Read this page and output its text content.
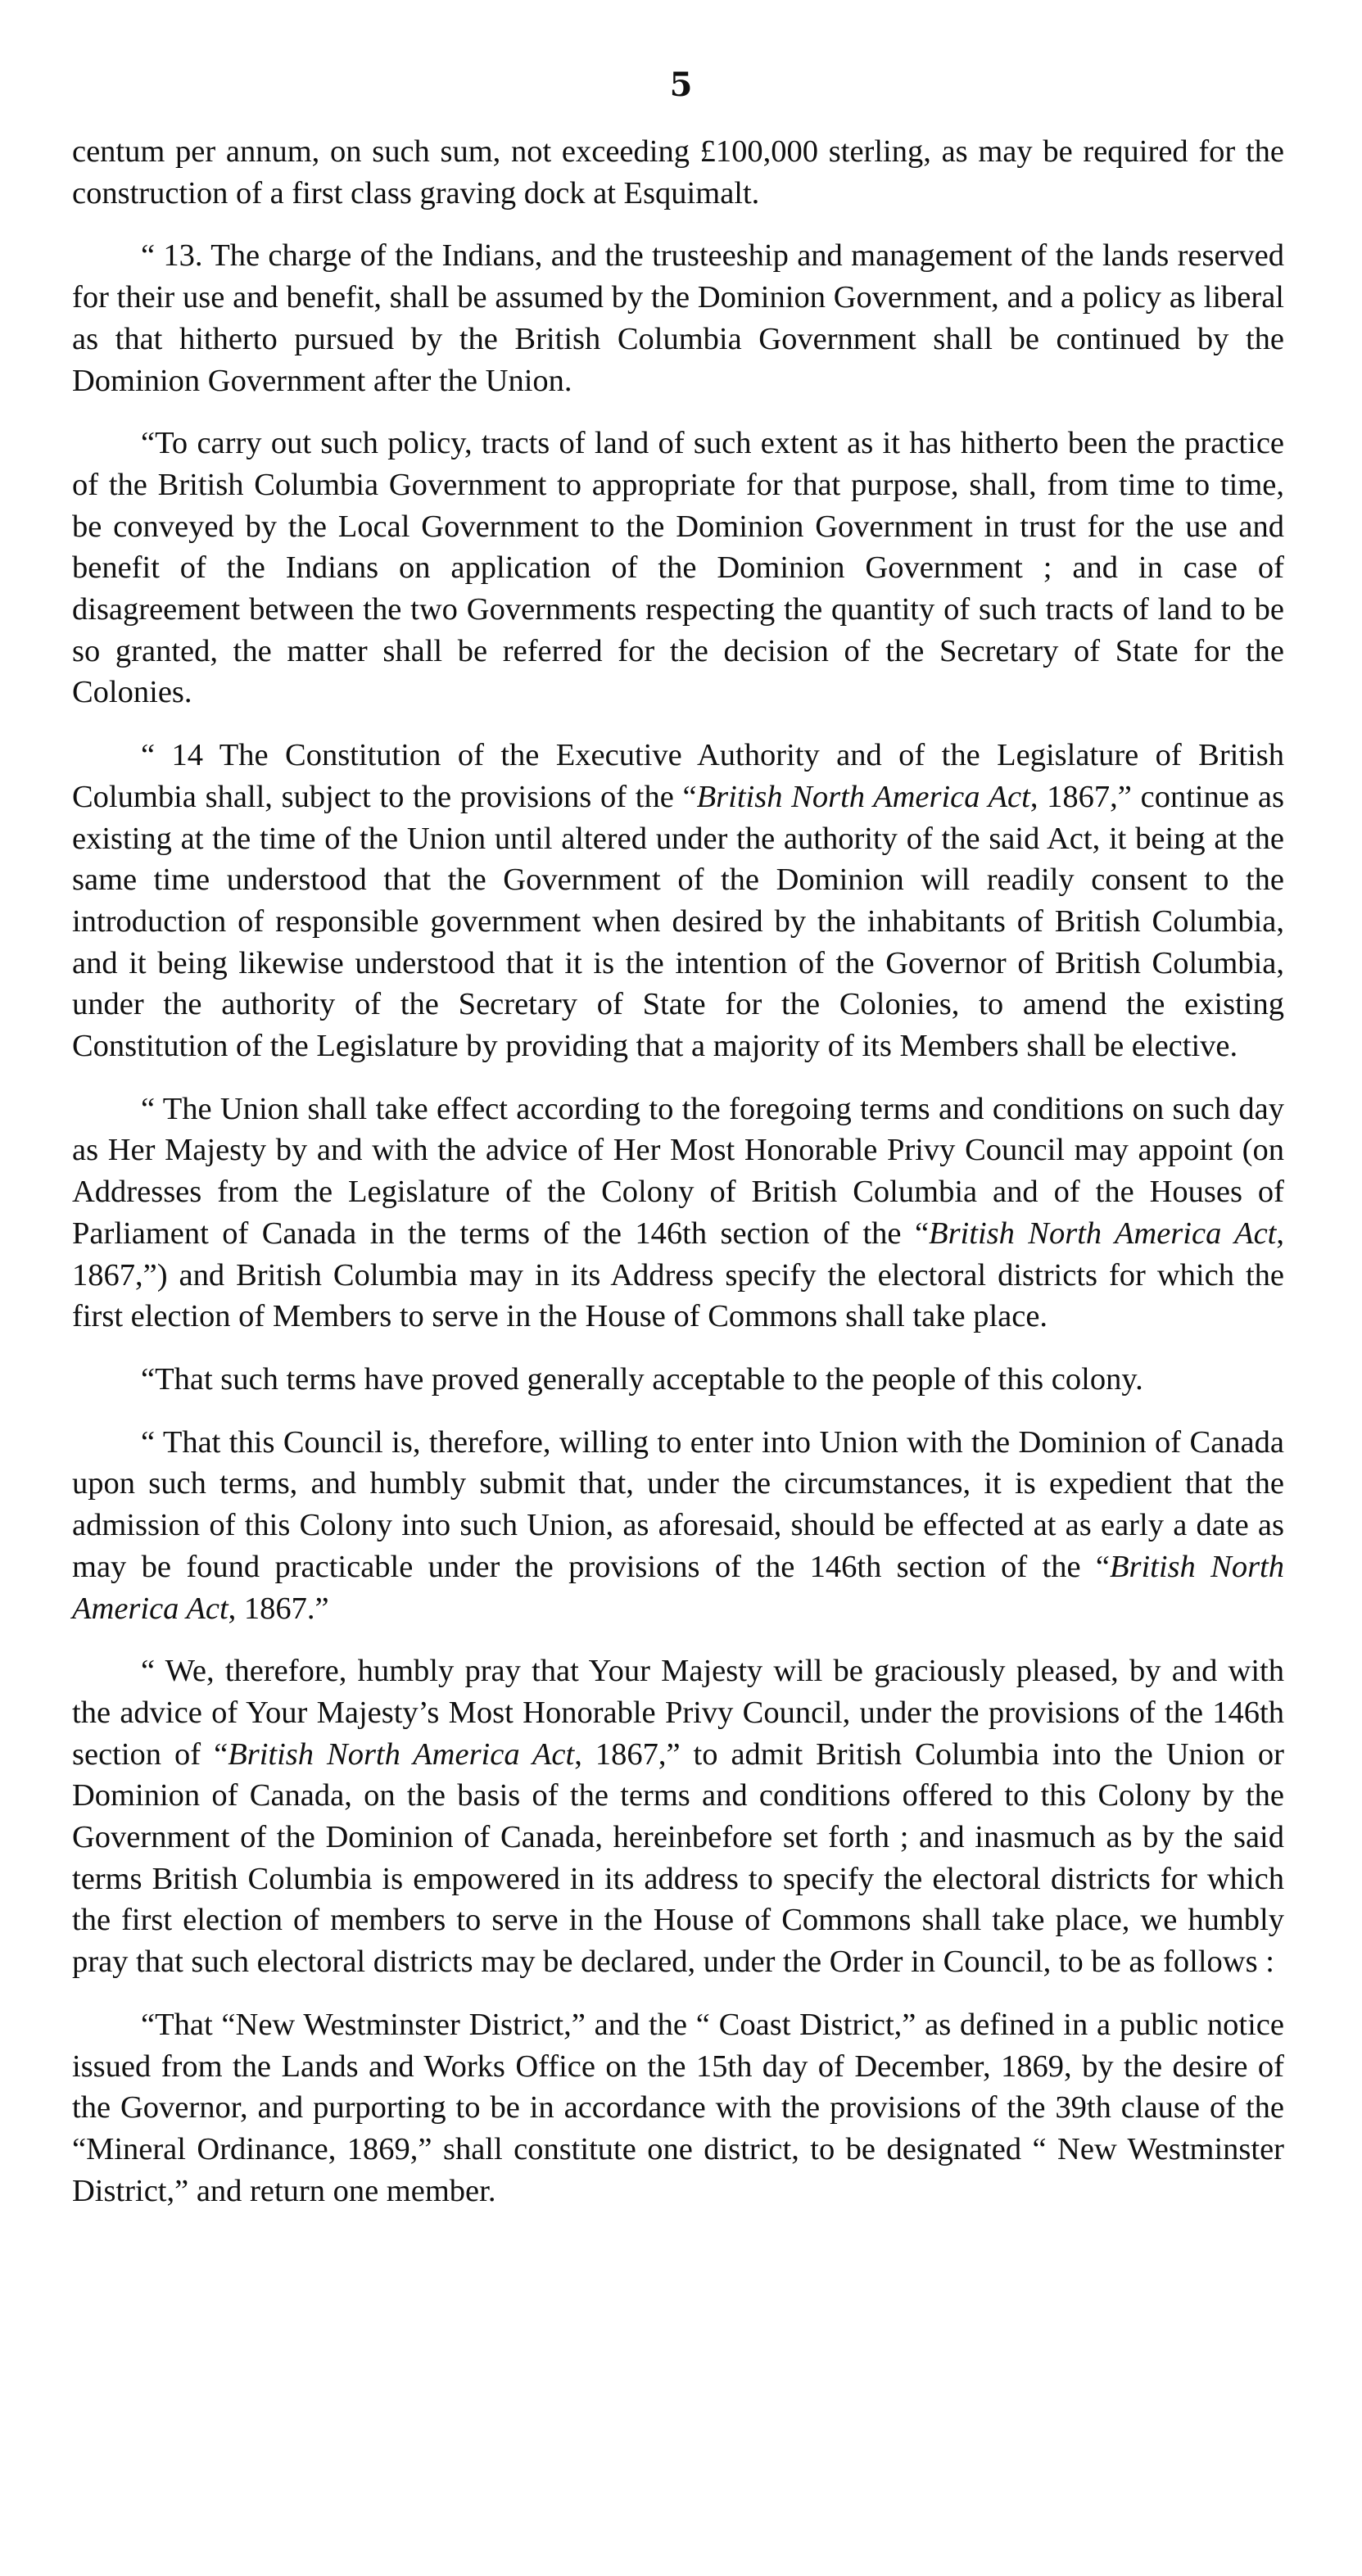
5

centum per annum, on such sum, not exceeding £100,000 sterling, as may be required for the construction of a first class graving dock at Esquimalt.

“ 13. The charge of the Indians, and the trusteeship and management of the lands reserved for their use and benefit, shall be assumed by the Dominion Government, and a policy as liberal as that hitherto pursued by the British Columbia Government shall be continued by the Dominion Government after the Union.

“To carry out such policy, tracts of land of such extent as it has hitherto been the practice of the British Columbia Government to appropriate for that purpose, shall, from time to time, be conveyed by the Local Government to the Dominion Government in trust for the use and benefit of the Indians on application of the Dominion Government ; and in case of disagreement between the two Governments respecting the quantity of such tracts of land to be so granted, the matter shall be referred for the decision of the Secretary of State for the Colonies.

“ 14 The Constitution of the Executive Authority and of the Legislature of British Columbia shall, subject to the provisions of the “British North America Act, 1867,” continue as existing at the time of the Union until altered under the authority of the said Act, it being at the same time understood that the Government of the Dominion will readily consent to the introduction of responsible government when desired by the inhabitants of British Columbia, and it being likewise understood that it is the intention of the Governor of British Columbia, under the authority of the Secretary of State for the Colonies, to amend the existing Constitution of the Legislature by providing that a majority of its Members shall be elective.

“ The Union shall take effect according to the foregoing terms and conditions on such day as Her Majesty by and with the advice of Her Most Honorable Privy Council may appoint (on Addresses from the Legislature of the Colony of British Columbia and of the Houses of Parliament of Canada in the terms of the 146th section of the “British North America Act, 1867,”) and British Columbia may in its Address specify the electoral districts for which the first election of Members to serve in the House of Commons shall take place.

“That such terms have proved generally acceptable to the people of this colony.

“ That this Council is, therefore, willing to enter into Union with the Dominion of Canada upon such terms, and humbly submit that, under the circumstances, it is expedient that the admission of this Colony into such Union, as aforesaid, should be effected at as early a date as may be found practicable under the provisions of the 146th section of the “British North America Act, 1867.”

“ We, therefore, humbly pray that Your Majesty will be graciously pleased, by and with the advice of Your Majesty’s Most Honorable Privy Council, under the provisions of the 146th section of “British North America Act, 1867,” to admit British Columbia into the Union or Dominion of Canada, on the basis of the terms and conditions offered to this Colony by the Government of the Dominion of Canada, hereinbefore set forth ; and inasmuch as by the said terms British Columbia is empowered in its address to specify the electoral districts for which the first election of members to serve in the House of Commons shall take place, we humbly pray that such electoral districts may be declared, under the Order in Council, to be as follows :

“That “New Westminster District,” and the “ Coast District,” as defined in a public notice issued from the Lands and Works Office on the 15th day of December, 1869, by the desire of the Governor, and purporting to be in accordance with the provisions of the 39th clause of the “Mineral Ordinance, 1869,” shall constitute one district, to be designated “ New Westminster District,” and return one member.
